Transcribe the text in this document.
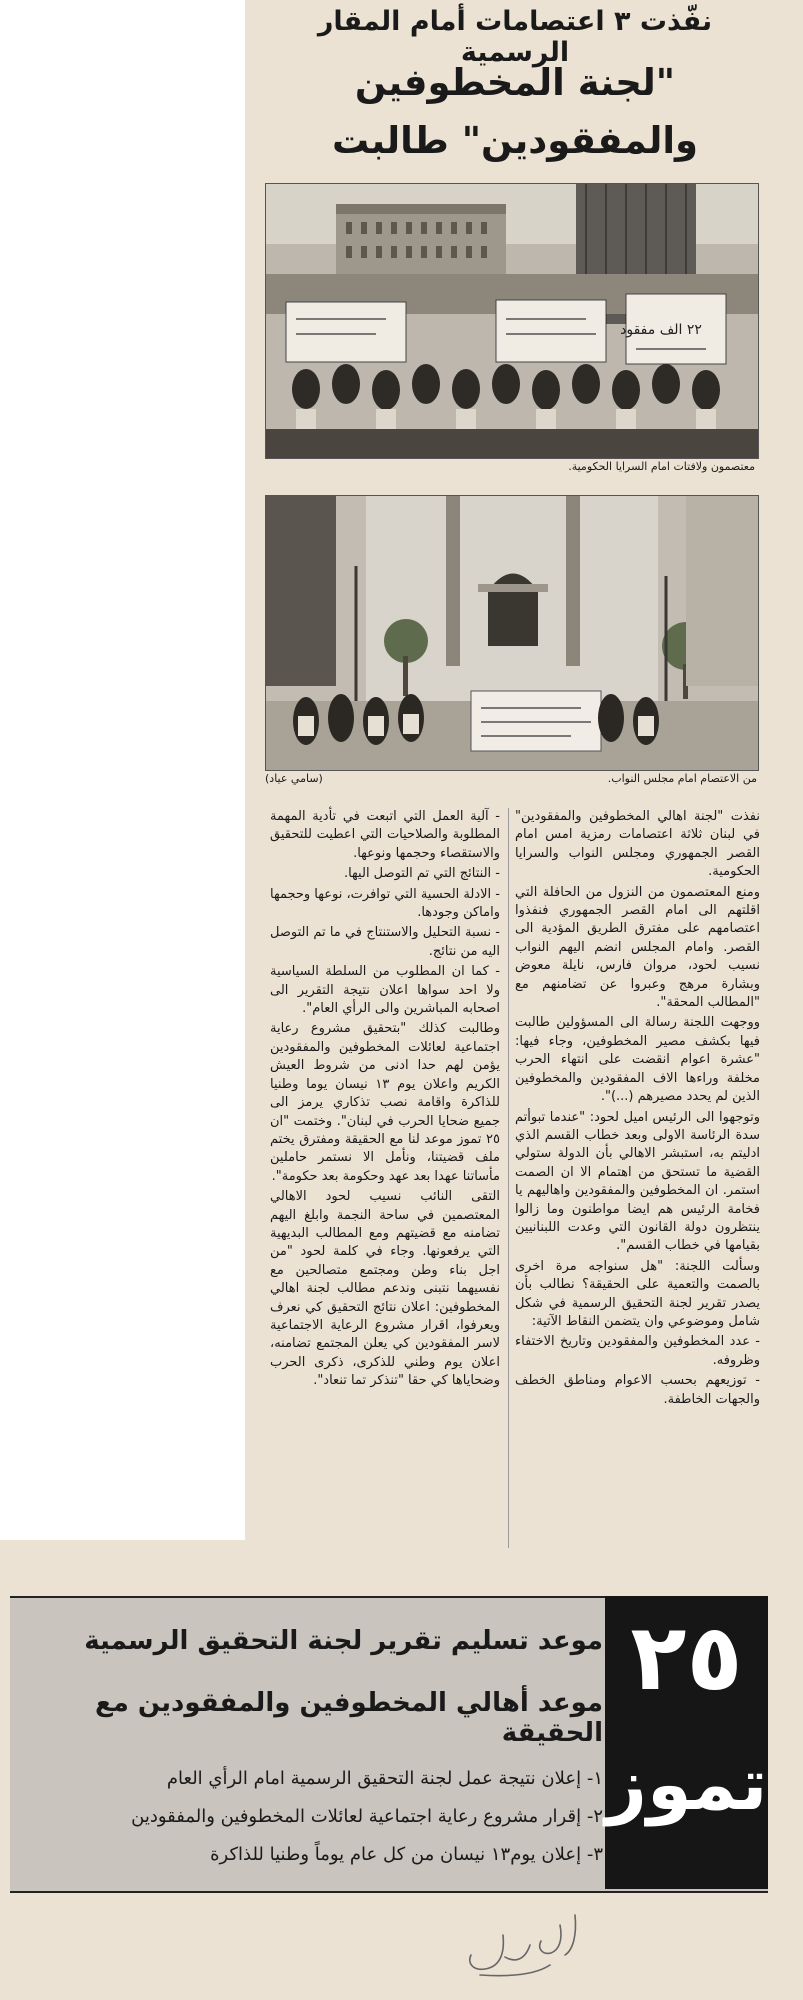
نفّذت ٣ اعتصامات أمام المقار الرسمية
"لجنة المخطوفين والمفقودين" طالبت
٢٢ الف مفقود
معتصمون ولافتات امام السرايا الحكومية.
(سامي عياد)	من الاعتصام امام مجلس النواب.

نفذت "لجنة اهالي المخطوفين والمفقودين" في لبنان ثلاثة اعتصامات رمزية امس امام القصر الجمهوري ومجلس النواب والسرايا الحكومية.

ومنع المعتصمون من النزول من الحافلة التي اقلتهم الى امام القصر الجمهوري فنفذوا اعتصامهم على مفترق الطريق المؤدية الى القصر. وامام المجلس انضم اليهم النواب نسيب لحود، مروان فارس، نايلة معوض وبشارة مرهج وعبروا عن تضامنهم مع "المطالب المحقة".

ووجهت اللجنة رسالة الى المسؤولين طالبت فيها بكشف مصير المخطوفين، وجاء فيها: "عشرة اعوام انقضت على انتهاء الحرب مخلفة وراءها الاف المفقودين والمخطوفين الذين لم يحدد مصيرهم (...)".

وتوجهوا الى الرئيس اميل لحود: "عندما تبوأتم سدة الرئاسة الاولى وبعد خطاب القسم الذي ادليتم به، استبشر الاهالي بأن الدولة ستولي القضية ما تستحق من اهتمام الا ان الصمت استمر. ان المخطوفين والمفقودين واهاليهم يا فخامة الرئيس هم ايضا مواطنون وما زالوا ينتظرون دولة القانون التي وعدت اللبنانيين بقيامها في خطاب القسم".

وسألت اللجنة: "هل سنواجه مرة اخرى بالصمت والتعمية على الحقيقة؟ نطالب بأن يصدر تقرير لجنة التحقيق الرسمية في شكل شامل وموضوعي وان يتضمن النقاط الآتية:

- عدد المخطوفين والمفقودين وتاريخ الاختفاء وظروفه.

- توزيعهم بحسب الاعوام ومناطق الخطف والجهات الخاطفة.

- آلية العمل التي اتبعت في تأدية المهمة المطلوبة والصلاحيات التي اعطيت للتحقيق والاستقصاء وحجمها ونوعها.

- النتائج التي تم التوصل اليها.

- الادلة الحسية التي توافرت، نوعها وحجمها واماكن وجودها.

- نسبة التحليل والاستنتاج في ما تم التوصل اليه من نتائج.

- كما ان المطلوب من السلطة السياسية ولا احد سواها اعلان نتيجة التقرير الى اصحابه المباشرين والى الرأي العام".

وطالبت كذلك "بتحقيق مشروع رعاية اجتماعية لعائلات المخطوفين والمفقودين يؤمن لهم حدا ادنى من شروط العيش الكريم واعلان يوم ١٣ نيسان يوما وطنيا للذاكرة واقامة نصب تذكاري يرمز الى جميع ضحايا الحرب في لبنان". وختمت "ان ٢٥ تموز موعد لنا مع الحقيقة ومفترق يختم ملف قضيتنا، ونأمل الا نستمر حاملين مأساتنا عهدا بعد عهد وحكومة بعد حكومة".

التقى النائب نسيب لحود الاهالي المعتصمين في ساحة النجمة وابلغ اليهم تضامنه مع قضيتهم ومع المطالب البديهية التي يرفعونها. وجاء في كلمة لحود "من اجل بناء وطن ومجتمع متصالحين مع نفسيهما نتبنى وندعم مطالب لجنة اهالي المخطوفين: اعلان نتائج التحقيق كي نعرف ويعرفوا، اقرار مشروع الرعاية الاجتماعية لاسر المفقودين كي يعلن المجتمع تضامنه، اعلان يوم وطني للذكرى، ذكرى الحرب وضحاياها كي حقا "تنذكر تما تنعاد".

موعد تسليم تقرير لجنة التحقيق الرسمية
موعد أهالي المخطوفين والمفقودين مع الحقيقة
١- إعلان نتيجة عمل لجنة التحقيق الرسمية امام الرأي العام
٢- إقرار مشروع رعاية اجتماعية لعائلات المخطوفين والمفقودين
٣- إعلان يوم١٣ نيسان من كل عام يوماً وطنيا للذاكرة
٢٥
تموز
